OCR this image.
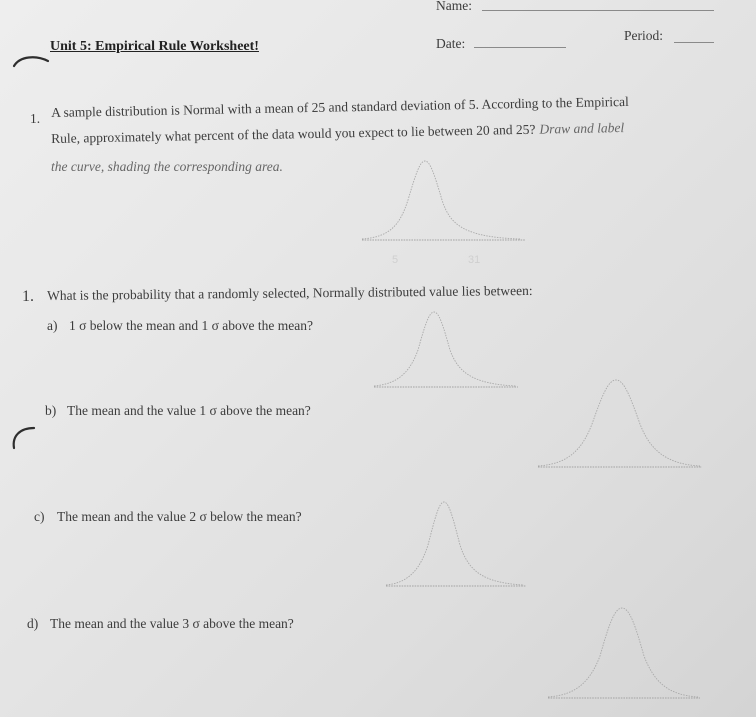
Name:
Date:
Period:
Unit 5: Empirical Rule Worksheet!
1. A sample distribution is Normal with a mean of 25 and standard deviation of 5. According to the Empirical
Rule, approximately what percent of the data would you expect to lie between 20 and 25? Draw and label
the curve, shading the corresponding area.
5	31
1. What is the probability that a randomly selected, Normally distributed value lies between:
a) 1 σ below the mean and 1 σ above the mean?
b) The mean and the value 1 σ above the mean?
c) The mean and the value 2 σ below the mean?
d) The mean and the value 3 σ above the mean?
